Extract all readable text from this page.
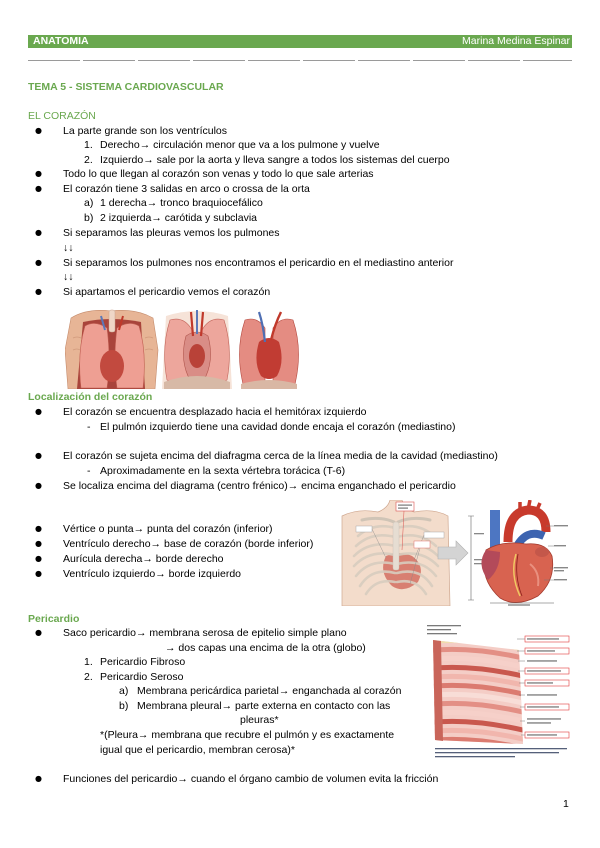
ANATOMIA	Marina Medina Espinar
TEMA 5 - SISTEMA CARDIOVASCULAR
EL CORAZÓN
● La parte grande son los ventrículos
1. Derecho→ circulación menor que va a los pulmone y vuelve
2. Izquierdo→ sale por la aorta y lleva sangre a todos los sistemas del cuerpo
● Todo lo que llegan al corazón son venas y todo lo que sale arterias
● El corazón tiene 3 salidas en arco o crossa de la orta
a) 1 derecha→ tronco braquiocefálico
b) 2 izquierda→ carótida y subclavia
● Si separamos las pleuras vemos los pulmones
↓↓
● Si separamos los pulmones nos encontramos el pericardio en el mediastino anterior
↓↓
● Si apartamos el pericardio vemos el corazón
Localización del corazón
● El corazón se encuentra desplazado hacia el hemitórax izquierdo
- El pulmón izquierdo tiene una cavidad donde encaja el corazón (mediastino)
● El corazón se sujeta encima del diafragma cerca de la línea media de la cavidad (mediastino)
- Aproximadamente en la sexta vértebra torácica (T-6)
● Se localiza encima del diagrama (centro frénico)→ encima enganchado el pericardio
● Vértice o punta→ punta del corazón (inferior)
● Ventrículo derecho→ base de corazón (borde inferior)
● Aurícula derecha→ borde derecho
● Ventrículo izquierdo→ borde izquierdo
Pericardio
● Saco pericardio→ membrana serosa de epitelio simple plano
→ dos capas una encima de la otra (globo)
1. Pericardio Fibroso
2. Pericardio Seroso
a) Membrana pericárdica parietal→ enganchada al corazón
b) Membrana pleural→ parte externa en contacto con las
pleuras*
*(Pleura→ membrana que recubre el pulmón y es exactamente
igual que el pericardio, membran cerosa)*
● Funciones del pericardio→ cuando el órgano cambio de volumen evita la fricción
1
